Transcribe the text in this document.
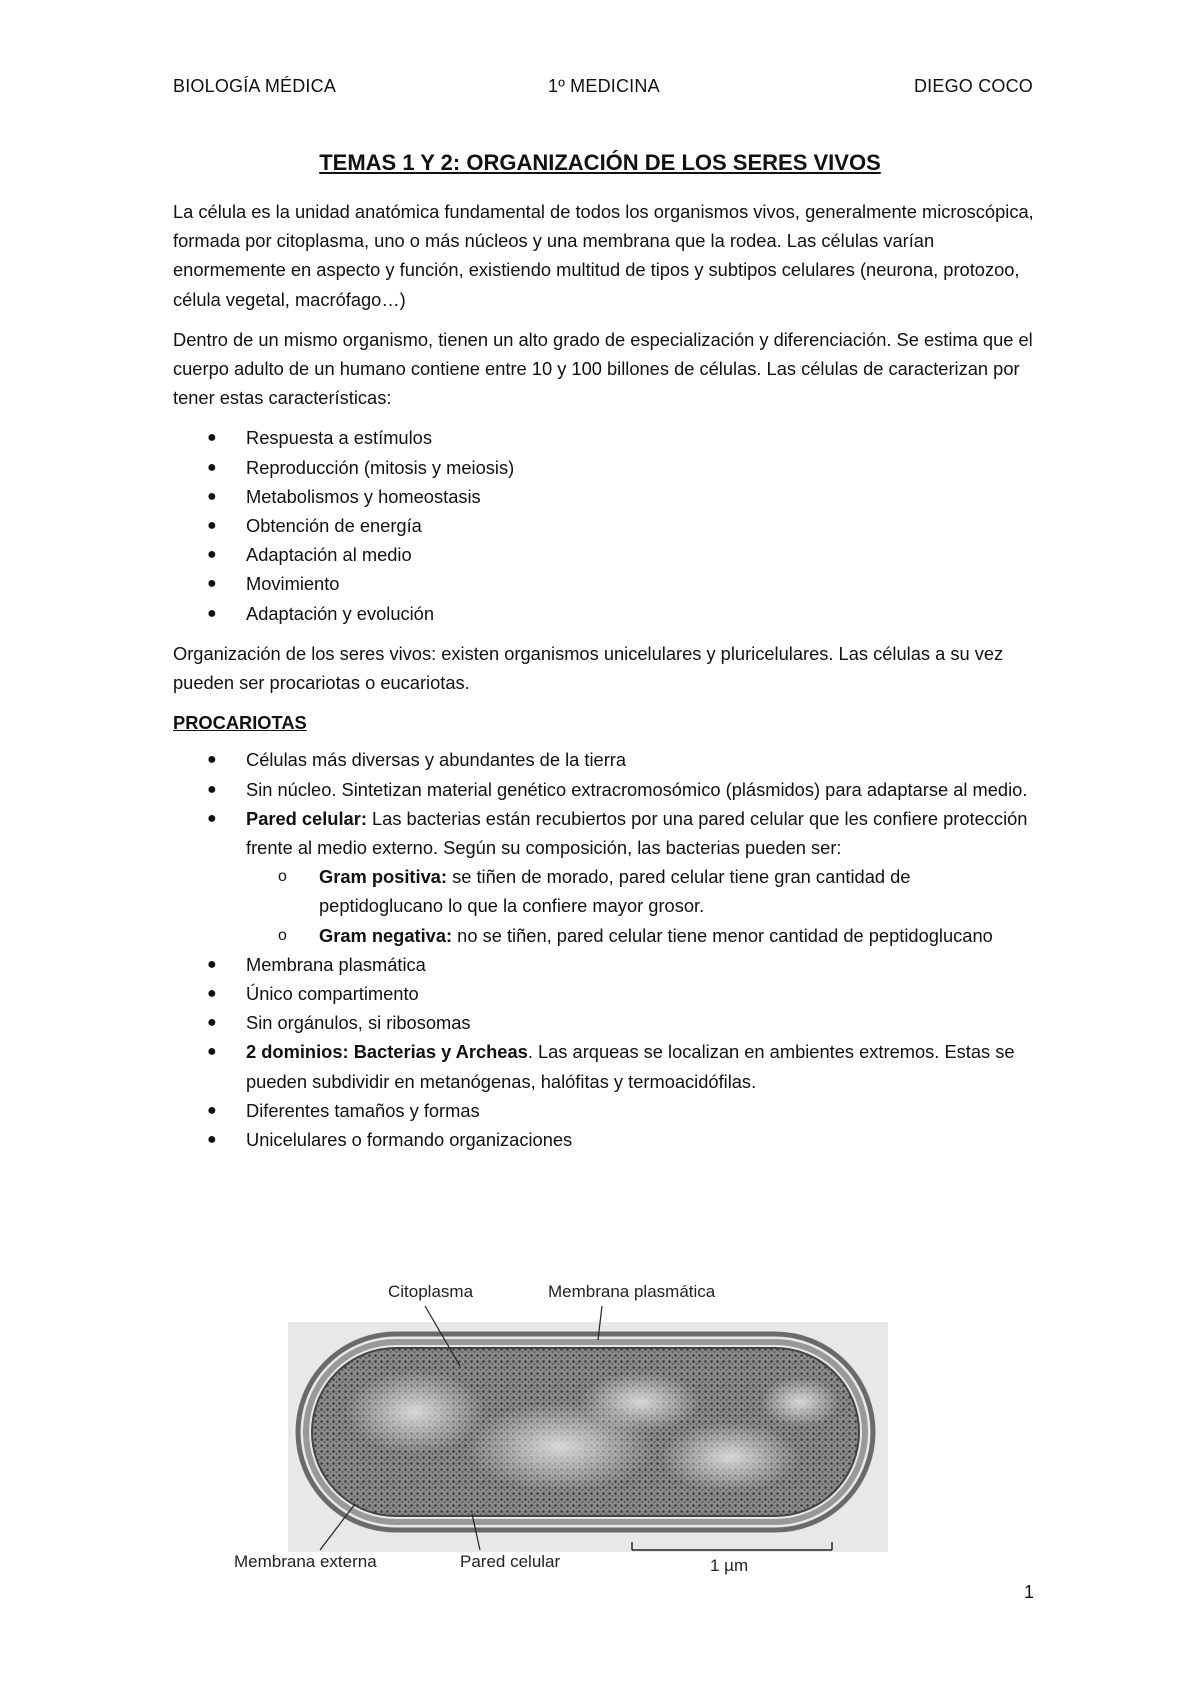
BIOLOGÍA MÉDICA	1º MEDICINA	DIEGO COCO
TEMAS 1 Y 2: ORGANIZACIÓN DE LOS SERES VIVOS

La célula es la unidad anatómica fundamental de todos los organismos vivos, generalmente microscópica, formada por citoplasma, uno o más núcleos y una membrana que la rodea. Las células varían enormemente en aspecto y función, existiendo multitud de tipos y subtipos celulares (neurona, protozoo, célula vegetal, macrófago…)

Dentro de un mismo organismo, tienen un alto grado de especialización y diferenciación. Se estima que el cuerpo adulto de un humano contiene entre 10 y 100 billones de células. Las células de caracterizan por tener estas características:

● Respuesta a estímulos
● Reproducción (mitosis y meiosis)
● Metabolismos y homeostasis
● Obtención de energía
● Adaptación al medio
● Movimiento
● Adaptación y evolución

Organización de los seres vivos: existen organismos unicelulares y pluricelulares. Las células a su vez pueden ser procariotas o eucariotas.

PROCARIOTAS
● Células más diversas y abundantes de la tierra
● Sin núcleo. Sintetizan material genético extracromosómico (plásmidos) para adaptarse al medio.
● Pared celular: Las bacterias están recubiertos por una pared celular que les confiere protección frente al medio externo. Según su composición, las bacterias pueden ser:
o Gram positiva: se tiñen de morado, pared celular tiene gran cantidad de peptidoglucano lo que la confiere mayor grosor.
o Gram negativa: no se tiñen, pared celular tiene menor cantidad de peptidoglucano
● Membrana plasmática
● Único compartimento
● Sin orgánulos, si ribosomas
● 2 dominios: Bacterias y Archeas. Las arqueas se localizan en ambientes extremos. Estas se pueden subdividir en metanógenas, halófitas y termoacidófilas.
● Diferentes tamaños y formas
● Unicelulares o formando organizaciones
Citoplasma	Membrana plasmática
Membrana externa	Pared celular	1 µm
1
